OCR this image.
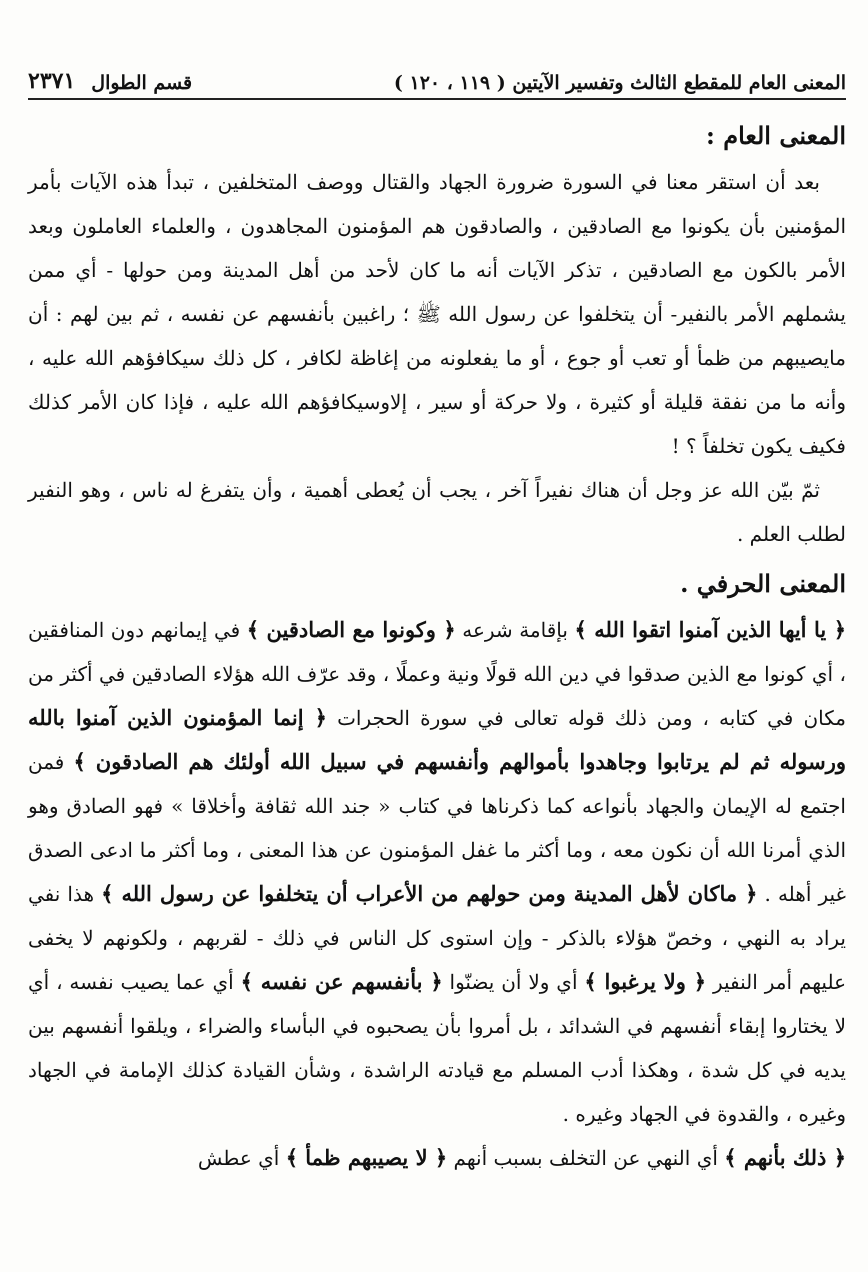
المعنى العام للمقطع الثالث وتفسير الآيتين ( ١١٩ ، ١٢٠ )
قسم الطوال
٢٣٧١
المعنى العام :

بعد أن استقر معنا في السورة ضرورة الجهاد والقتال ووصف المتخلفين ، تبدأ هذه الآيات بأمر المؤمنين بأن يكونوا مع الصادقين ، والصادقون هم المؤمنون المجاهدون ، والعلماء العاملون وبعد الأمر بالكون مع الصادقين ، تذكر الآيات أنه ما كان لأحد من أهل المدينة ومن حولها - أي ممن يشملهم الأمر بالنفير- أن يتخلفوا عن رسول الله ﷺ ؛ راغبين بأنفسهم عن نفسه ، ثم بين لهم : أن مايصيبهم من ظمأ أو تعب أو جوع ، أو ما يفعلونه من إغاظة لكافر ، كل ذلك سيكافؤهم الله عليه ، وأنه ما من نفقة قليلة أو كثيرة ، ولا حركة أو سير ، إلاوسيكافؤهم الله عليه ، فإذا كان الأمر كذلك فكيف يكون تخلفاً ؟ !

ثمّ بيّن الله عز وجل أن هناك نفيراً آخر ، يجب أن يُعطى أهمية ، وأن يتفرغ له ناس ، وهو النفير لطلب العلم .

المعنى الحرفي .

﴿ يا أيها الذين آمنوا اتقوا الله ﴾ بإقامة شرعه ﴿ وكونوا مع الصادقين ﴾ في إيمانهم دون المنافقين ، أي كونوا مع الذين صدقوا في دين الله قولًا ونية وعملًا ، وقد عرّف الله هؤلاء الصادقين في أكثر من مكان في كتابه ، ومن ذلك قوله تعالى في سورة الحجرات ﴿ إنما المؤمنون الذين آمنوا بالله ورسوله ثم لم يرتابوا وجاهدوا بأموالهم وأنفسهم في سبيل الله أولئك هم الصادقون ﴾ فمن اجتمع له الإيمان والجهاد بأنواعه كما ذكرناها في كتاب « جند الله ثقافة وأخلاقا » فهو الصادق وهو الذي أمرنا الله أن نكون معه ، وما أكثر ما غفل المؤمنون عن هذا المعنى ، وما أكثر ما ادعى الصدق غير أهله . ﴿ ماكان لأهل المدينة ومن حولهم من الأعراب أن يتخلفوا عن رسول الله ﴾ هذا نفي يراد به النهي ، وخصّ هؤلاء بالذكر - وإن استوى كل الناس في ذلك - لقربهم ، ولكونهم لا يخفى عليهم أمر النفير ﴿ ولا يرغبوا ﴾ أي ولا أن يضنّوا ﴿ بأنفسهم عن نفسه ﴾ أي عما يصيب نفسه ، أي لا يختاروا إبقاء أنفسهم في الشدائد ، بل أمروا بأن يصحبوه في البأساء والضراء ، ويلقوا أنفسهم بين يديه في كل شدة ، وهكذا أدب المسلم مع قيادته الراشدة ، وشأن القيادة كذلك الإمامة في الجهاد وغيره ، والقدوة في الجهاد وغيره .

﴿ ذلك بأنهم ﴾ أي النهي عن التخلف بسبب أنهم ﴿ لا يصيبهم ظمأ ﴾ أي عطش
